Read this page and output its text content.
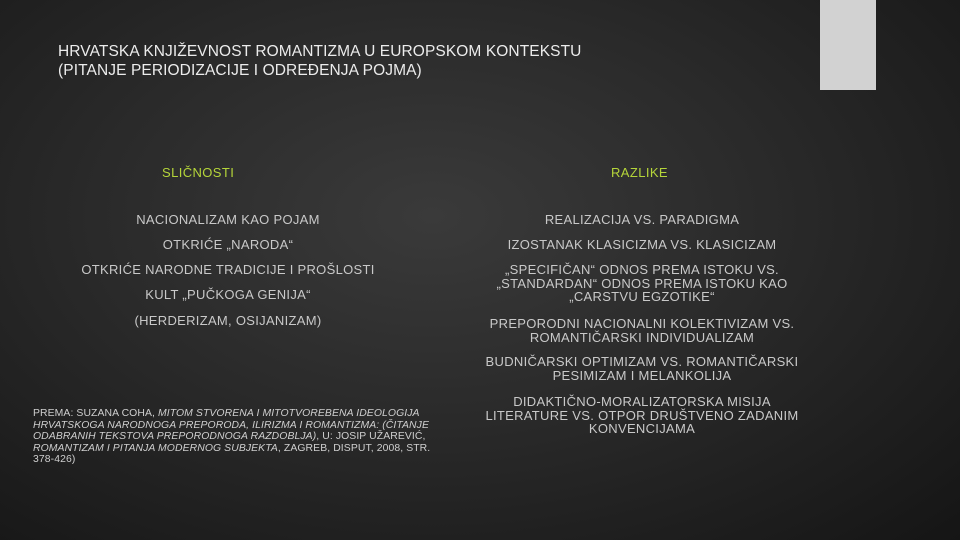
HRVATSKA KNJIŽEVNOST ROMANTIZMA U EUROPSKOM KONTEKSTU
(PITANJE PERIODIZACIJE I ODREĐENJA POJMA)
SLIČNOSTI
NACIONALIZAM KAO POJAM
OTKRIĆE „NARODA“
OTKRIĆE NARODNE TRADICIJE I PROŠLOSTI
KULT „PUČKOGA GENIJA“
(HERDERIZAM, OSIJANIZAM)
RAZLIKE
REALIZACIJA VS. PARADIGMA
IZOSTANAK KLASICIZMA VS. KLASICIZAM
„SPECIFIČAN“ ODNOS PREMA ISTOKU VS.
„STANDARDAN“ ODNOS PREMA ISTOKU KAO
„CARSTVU EGZOTIKE“
PREPORODNI NACIONALNI KOLEKTIVIZAM VS.
ROMANTIČARSKI INDIVIDUALIZAM
BUDNIČARSKI OPTIMIZAM VS. ROMANTIČARSKI
PESIMIZAM I MELANKOLIJA
DIDAKTIČNO-MORALIZATORSKA MISIJA
LITERATURE VS. OTPOR DRUŠTVENO ZADANIM
KONVENCIJAMA
PREMA: SUZANA COHA, MITOM STVORENA I MITOTVOREBENA IDEOLOGIJA HRVATSKOGA NARODNOGA PREPORODA, ILIRIZMA I ROMANTIZMA: (ČITANJE ODABRANIH TEKSTOVA PREPORODNOGA RAZDOBLJA), U: JOSIP UŽAREVIĆ, ROMANTIZAM I PITANJA MODERNOG SUBJEKTA, ZAGREB, DISPUT, 2008, STR. 378-426)
